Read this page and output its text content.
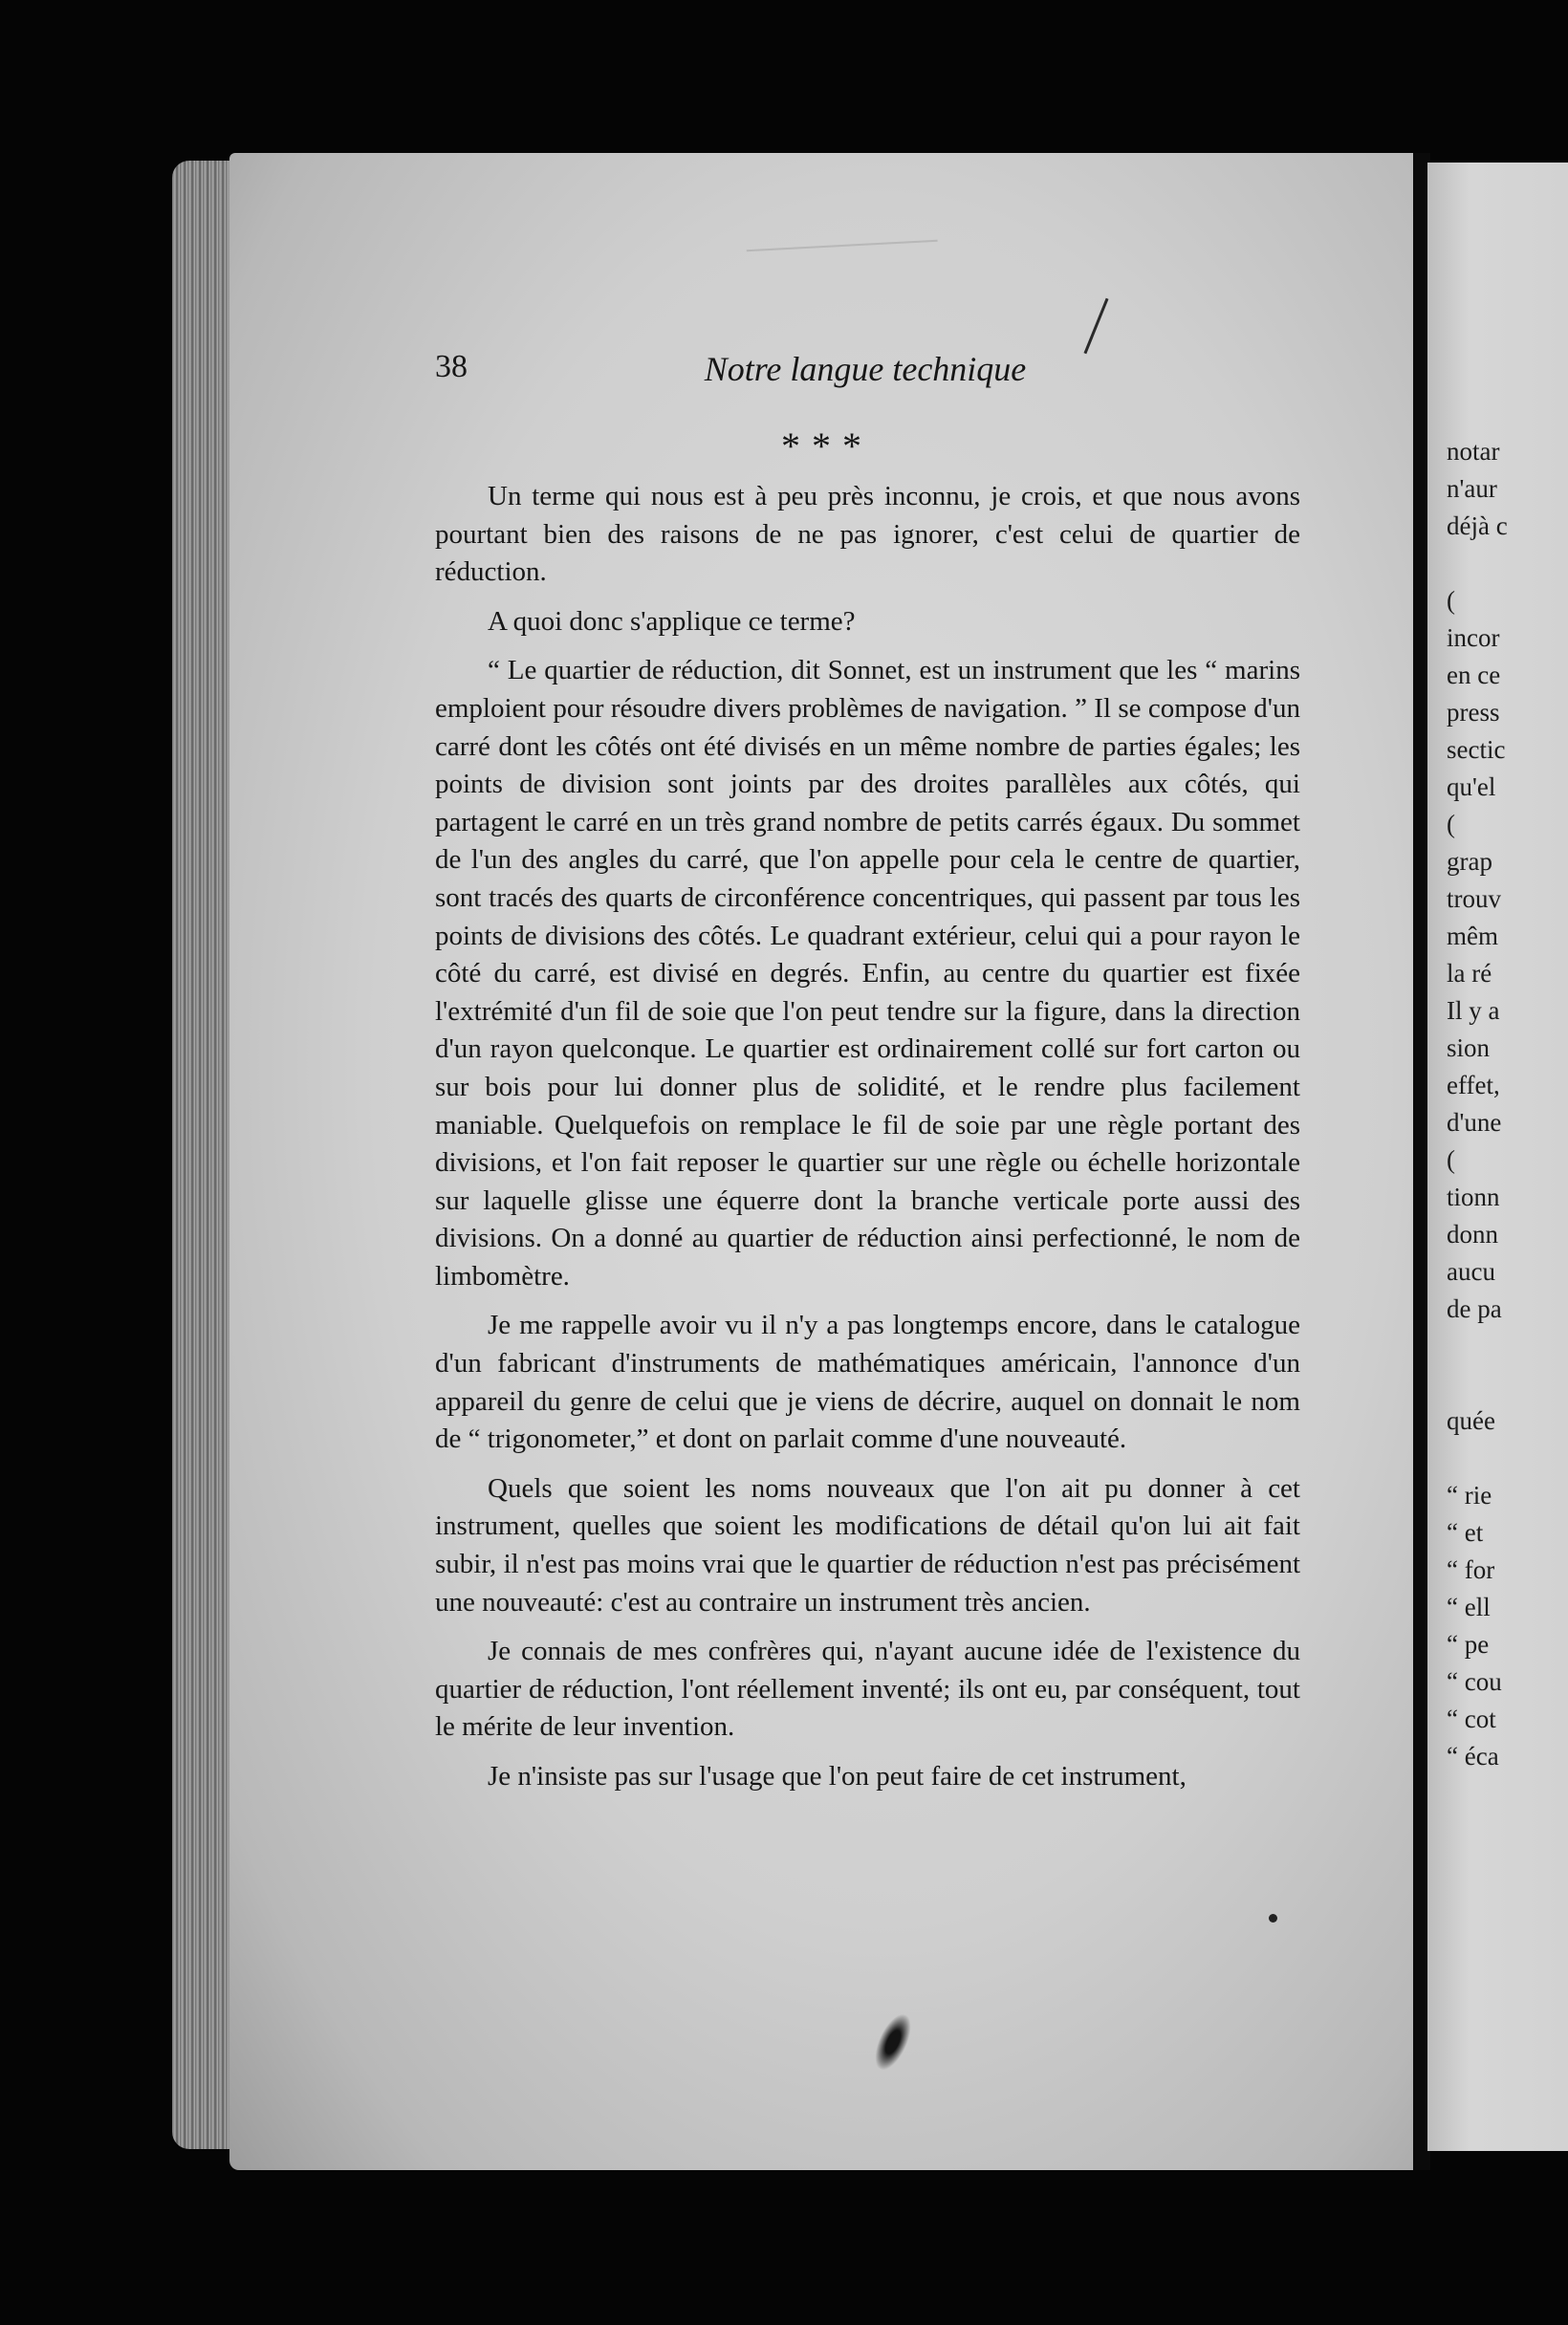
38	Notre langue technique
* * *

Un terme qui nous est à peu près inconnu, je crois, et que nous avons pourtant bien des raisons de ne pas ignorer, c'est celui de quartier de réduction.

A quoi donc s'applique ce terme?

“ Le quartier de réduction, dit Sonnet, est un instrument que les “ marins emploient pour résoudre divers problèmes de navigation. ” Il se compose d'un carré dont les côtés ont été divisés en un même nombre de parties égales; les points de division sont joints par des droites parallèles aux côtés, qui partagent le carré en un très grand nombre de petits carrés égaux. Du sommet de l'un des angles du carré, que l'on appelle pour cela le centre de quartier, sont tracés des quarts de circonférence concentriques, qui passent par tous les points de divisions des côtés. Le quadrant extérieur, celui qui a pour rayon le côté du carré, est divisé en degrés. Enfin, au centre du quartier est fixée l'extrémité d'un fil de soie que l'on peut tendre sur la figure, dans la direction d'un rayon quelconque. Le quartier est ordinairement collé sur fort carton ou sur bois pour lui donner plus de solidité, et le rendre plus facilement maniable. Quelquefois on remplace le fil de soie par une règle portant des divisions, et l'on fait reposer le quartier sur une règle ou échelle horizontale sur laquelle glisse une équerre dont la branche verticale porte aussi des divisions. On a donné au quartier de réduction ainsi perfectionné, le nom de limbomètre.

Je me rappelle avoir vu il n'y a pas longtemps encore, dans le catalogue d'un fabricant d'instruments de mathématiques américain, l'annonce d'un appareil du genre de celui que je viens de décrire, auquel on donnait le nom de “ trigonometer,” et dont on parlait comme d'une nouveauté.

Quels que soient les noms nouveaux que l'on ait pu donner à cet instrument, quelles que soient les modifications de détail qu'on lui ait fait subir, il n'est pas moins vrai que le quartier de réduction n'est pas précisément une nouveauté: c'est au contraire un instrument très ancien.

Je connais de mes confrères qui, n'ayant aucune idée de l'existence du quartier de réduction, l'ont réellement inventé; ils ont eu, par conséquent, tout le mérite de leur invention.

Je n'insiste pas sur l'usage que l'on peut faire de cet instrument,

notar
n'aur
déjà c
(
incor
en ce
press
sectic
qu'el
(
grap
trouv
mêm
la ré
Il y a
sion
effet,
d'une
(
tionn
donn
aucu
de pa
quée
“ rie
“ et
“ for
“ ell
“ pe
“ cou
“ cot
“ éca
